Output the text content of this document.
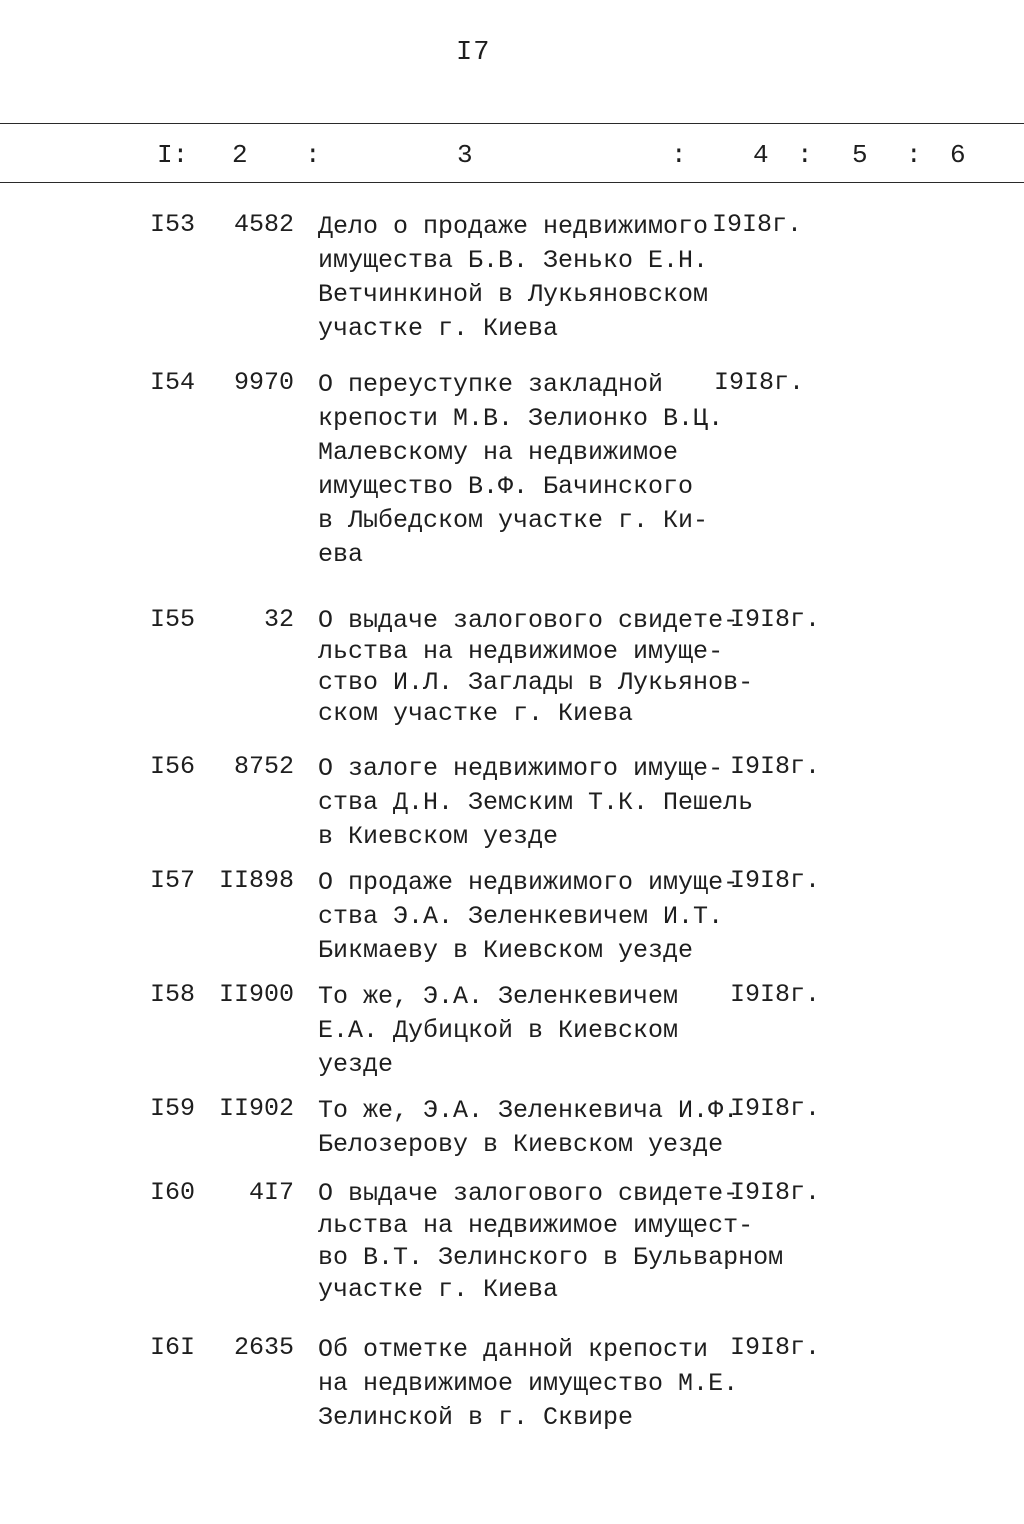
I7
I: 2 :	3	:	4 : 5 : 6
I53 4582 Дело о продаже недвижимого
имущества Б.В. Зенько Е.Н.
Ветчинкиной в Лукьяновском
участке г. Киева
I9I8г.
I54 9970 О переуступке закладной
крепости М.В. Зелионко В.Ц.
Малевскому на недвижимое
имущество В.Ф. Бачинского
в Лыбедском участке г. Ки-
ева
I9I8г.
I55	32 О выдаче залогового свидете-
льства на недвижимое имуще-
ство И.Л. Заглады в Лукьянов-
ском участке г. Киева
I9I8г.
I56 8752 О залоге недвижимого имуще-
ства Д.Н. Земским Т.К. Пешель
в Киевском уезде
I9I8г.
I57 II898 О продаже недвижимого имуще-
ства Э.А. Зеленкевичем И.Т.
Бикмаеву в Киевском уезде
I9I8г.
I58 II900 То же, Э.А. Зеленкевичем
Е.А. Дубицкой в Киевском
уезде
I9I8г.
I59 II902 То же, Э.А. Зеленкевича И.Ф.
Белозерову в Киевском уезде
I9I8г.
I60 4I7 О выдаче залогового свидете-
льства на недвижимое имущест-
во В.Т. Зелинского в Бульварном
участке г. Киева
I9I8г.
I6I 2635 Об отметке данной крепости
на недвижимое имущество М.Е.
Зелинской в г. Сквире
I9I8г.
